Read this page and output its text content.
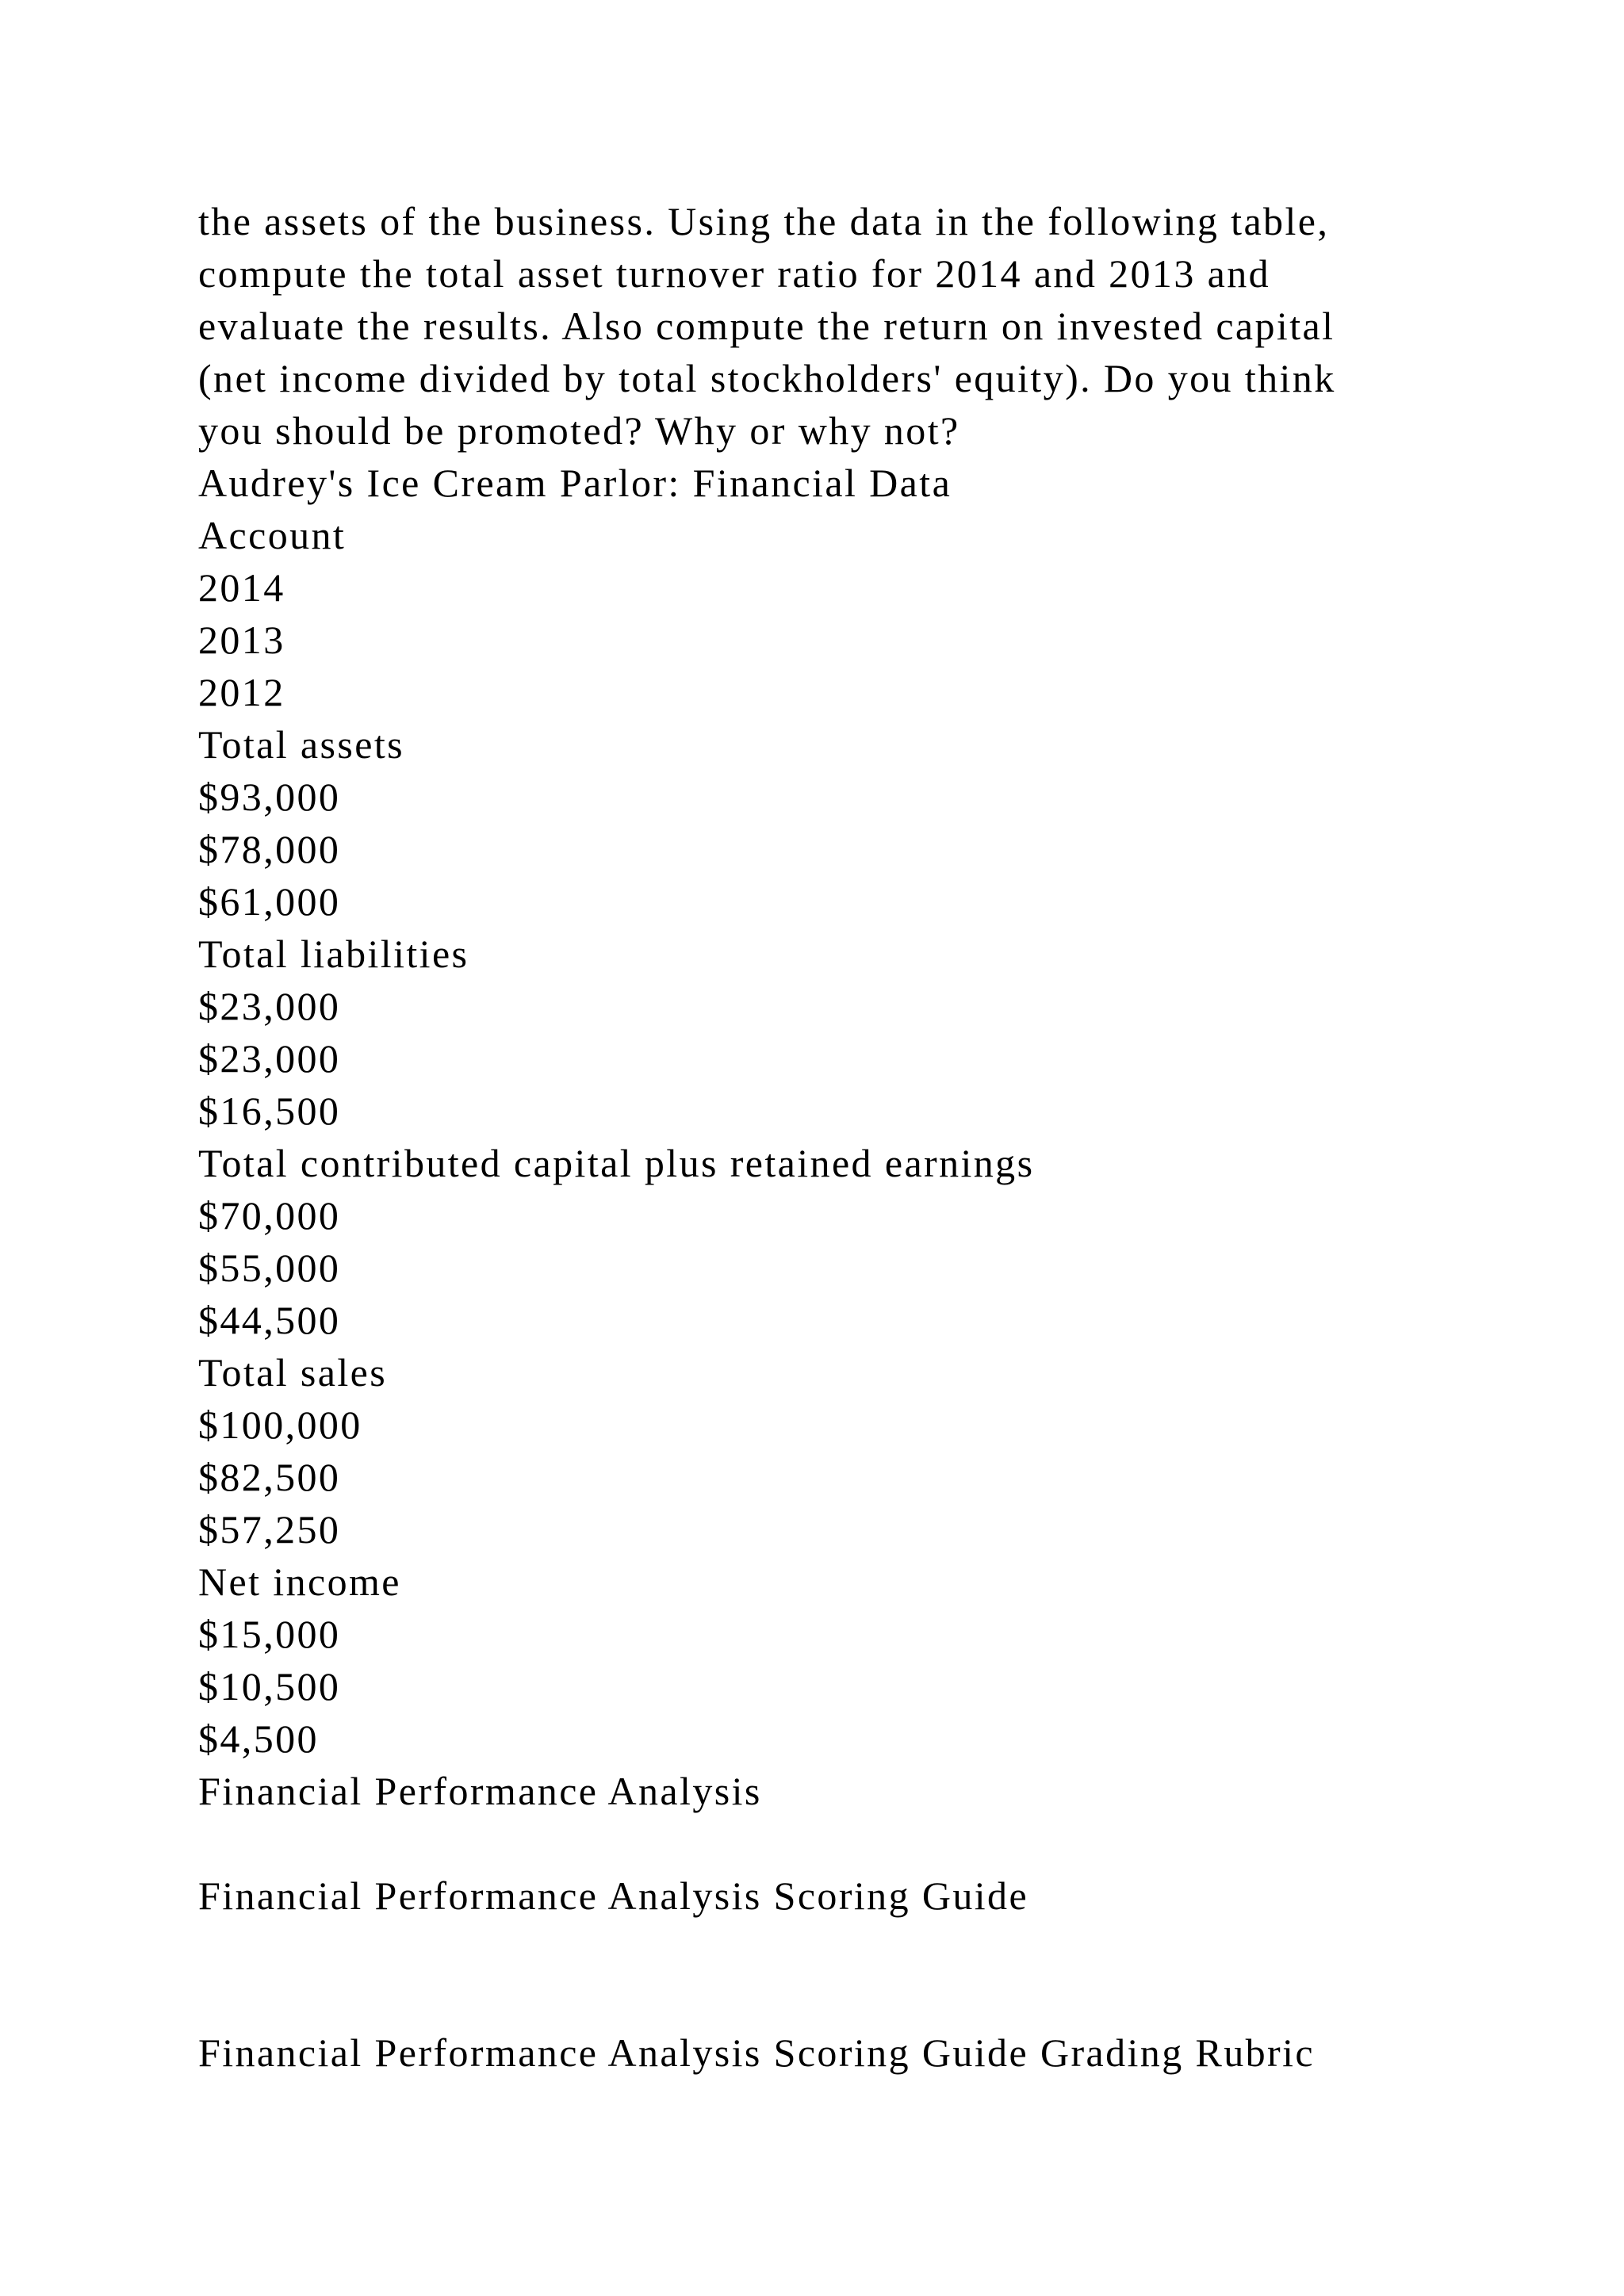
the assets of the business. Using the data in the following table,
compute the total asset turnover ratio for 2014 and 2013 and
evaluate the results. Also compute the return on invested capital
(net income divided by total stockholders' equity). Do you think
you should be promoted? Why or why not?
Audrey's Ice Cream Parlor: Financial Data
Account
2014
2013
2012
Total assets
$93,000
$78,000
$61,000
Total liabilities
$23,000
$23,000
$16,500
Total contributed capital plus retained earnings
$70,000
$55,000
$44,500
Total sales
$100,000
$82,500
$57,250
Net income
$15,000
$10,500
$4,500
Financial Performance Analysis
Financial Performance Analysis Scoring Guide
Financial Performance Analysis Scoring Guide Grading Rubric
